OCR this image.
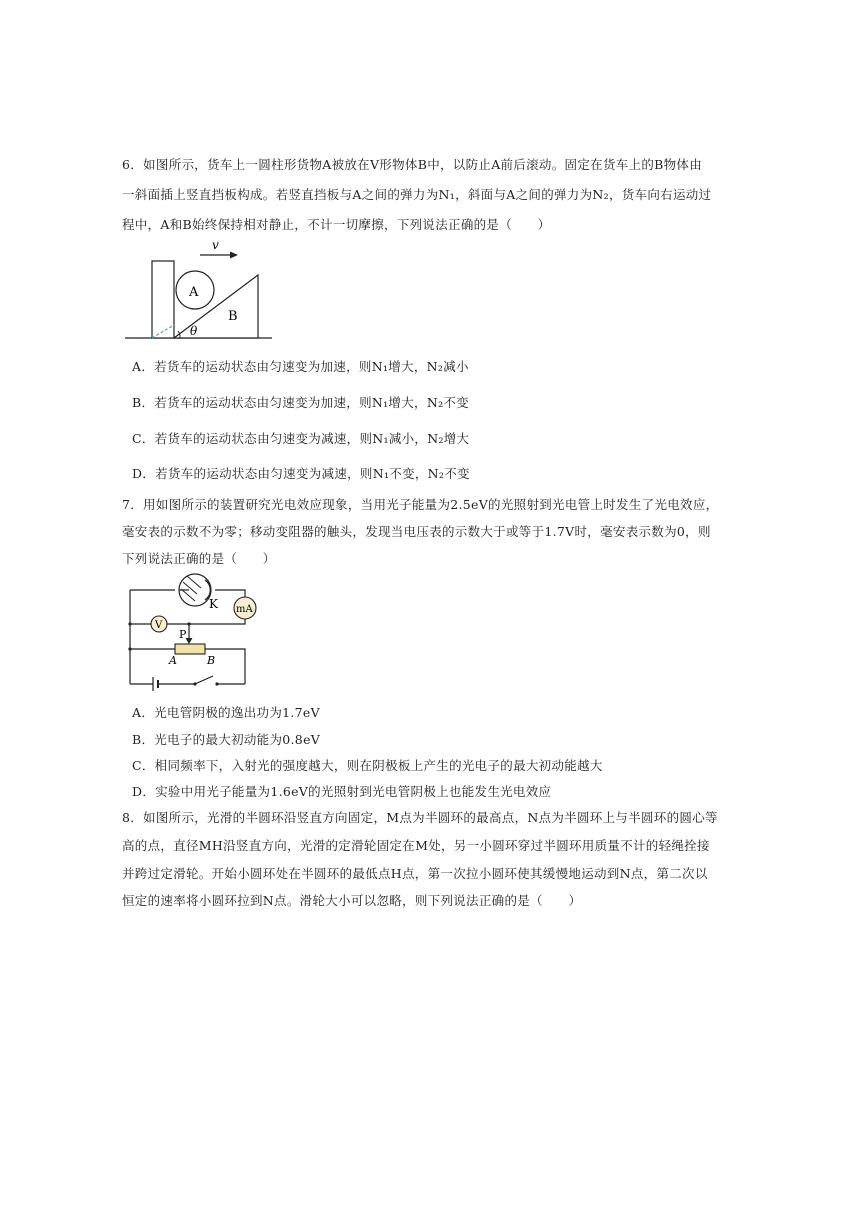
6．如图所示，货车上一圆柱形货物A被放在V形物体B中，以防止A前后滚动。固定在货车上的B物体由
一斜面插上竖直挡板构成。若竖直挡板与A之间的弹力为N₁，斜面与A之间的弹力为N₂，货车向右运动过
程中，A和B始终保持相对静止，不计一切摩擦，下列说法正确的是（　　）
A
B
θ
v
A．若货车的运动状态由匀速变为加速，则N₁增大，N₂减小
B．若货车的运动状态由匀速变为加速，则N₁增大，N₂不变
C．若货车的运动状态由匀速变为减速，则N₁减小，N₂增大
D．若货车的运动状态由匀速变为减速，则N₁不变，N₂不变
7．用如图所示的装置研究光电效应现象，当用光子能量为2.5eV的光照射到光电管上时发生了光电效应，
毫安表的示数不为零；移动变阻器的触头，发现当电压表的示数大于或等于1.7V时，毫安表示数为0，则
下列说法正确的是（　　）
K mA
V
P
A	B
A．光电管阴极的逸出功为1.7eV
B．光电子的最大初动能为0.8eV
C．相同频率下，入射光的强度越大，则在阴极板上产生的光电子的最大初动能越大
D．实验中用光子能量为1.6eV的光照射到光电管阴极上也能发生光电效应
8．如图所示，光滑的半圆环沿竖直方向固定，M点为半圆环的最高点，N点为半圆环上与半圆环的圆心等
高的点，直径MH沿竖直方向，光滑的定滑轮固定在M处，另一小圆环穿过半圆环用质量不计的轻绳拴接
并跨过定滑轮。开始小圆环处在半圆环的最低点H点，第一次拉小圆环使其缓慢地运动到N点，第二次以
恒定的速率将小圆环拉到N点。滑轮大小可以忽略，则下列说法正确的是（　　）
